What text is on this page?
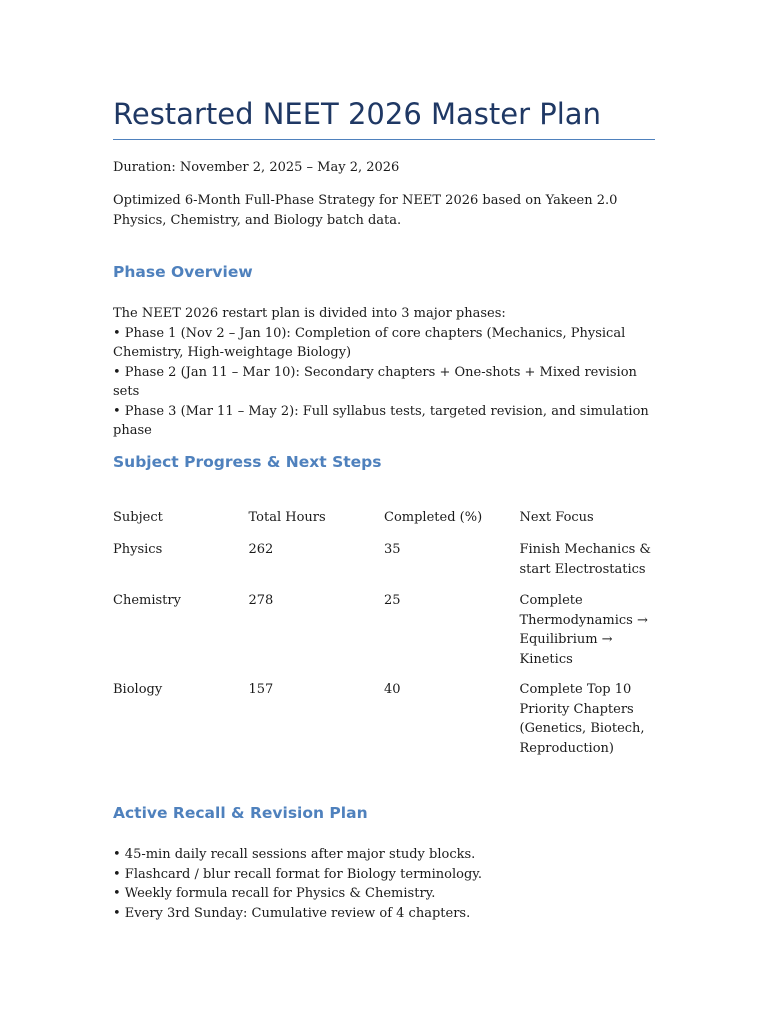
Restarted NEET 2026 Master Plan
Duration: November 2, 2025 – May 2, 2026
Optimized 6-Month Full-Phase Strategy for NEET 2026 based on Yakeen 2.0 Physics, Chemistry, and Biology batch data.
Phase Overview
The NEET 2026 restart plan is divided into 3 major phases:
• Phase 1 (Nov 2 – Jan 10): Completion of core chapters (Mechanics, Physical Chemistry, High-weightage Biology)
• Phase 2 (Jan 11 – Mar 10): Secondary chapters + One-shots + Mixed revision sets
• Phase 3 (Mar 11 – May 2): Full syllabus tests, targeted revision, and simulation phase
Subject Progress & Next Steps
Subject	Total Hours	Completed (%)	Next Focus
Physics	262	35	Finish Mechanics & start Electrostatics
Chemistry	278	25	Complete Thermodynamics → Equilibrium → Kinetics
Biology	157	40	Complete Top 10 Priority Chapters (Genetics, Biotech, Reproduction)
Active Recall & Revision Plan
• 45-min daily recall sessions after major study blocks.
• Flashcard / blur recall format for Biology terminology.
• Weekly formula recall for Physics & Chemistry.
• Every 3rd Sunday: Cumulative review of 4 chapters.
